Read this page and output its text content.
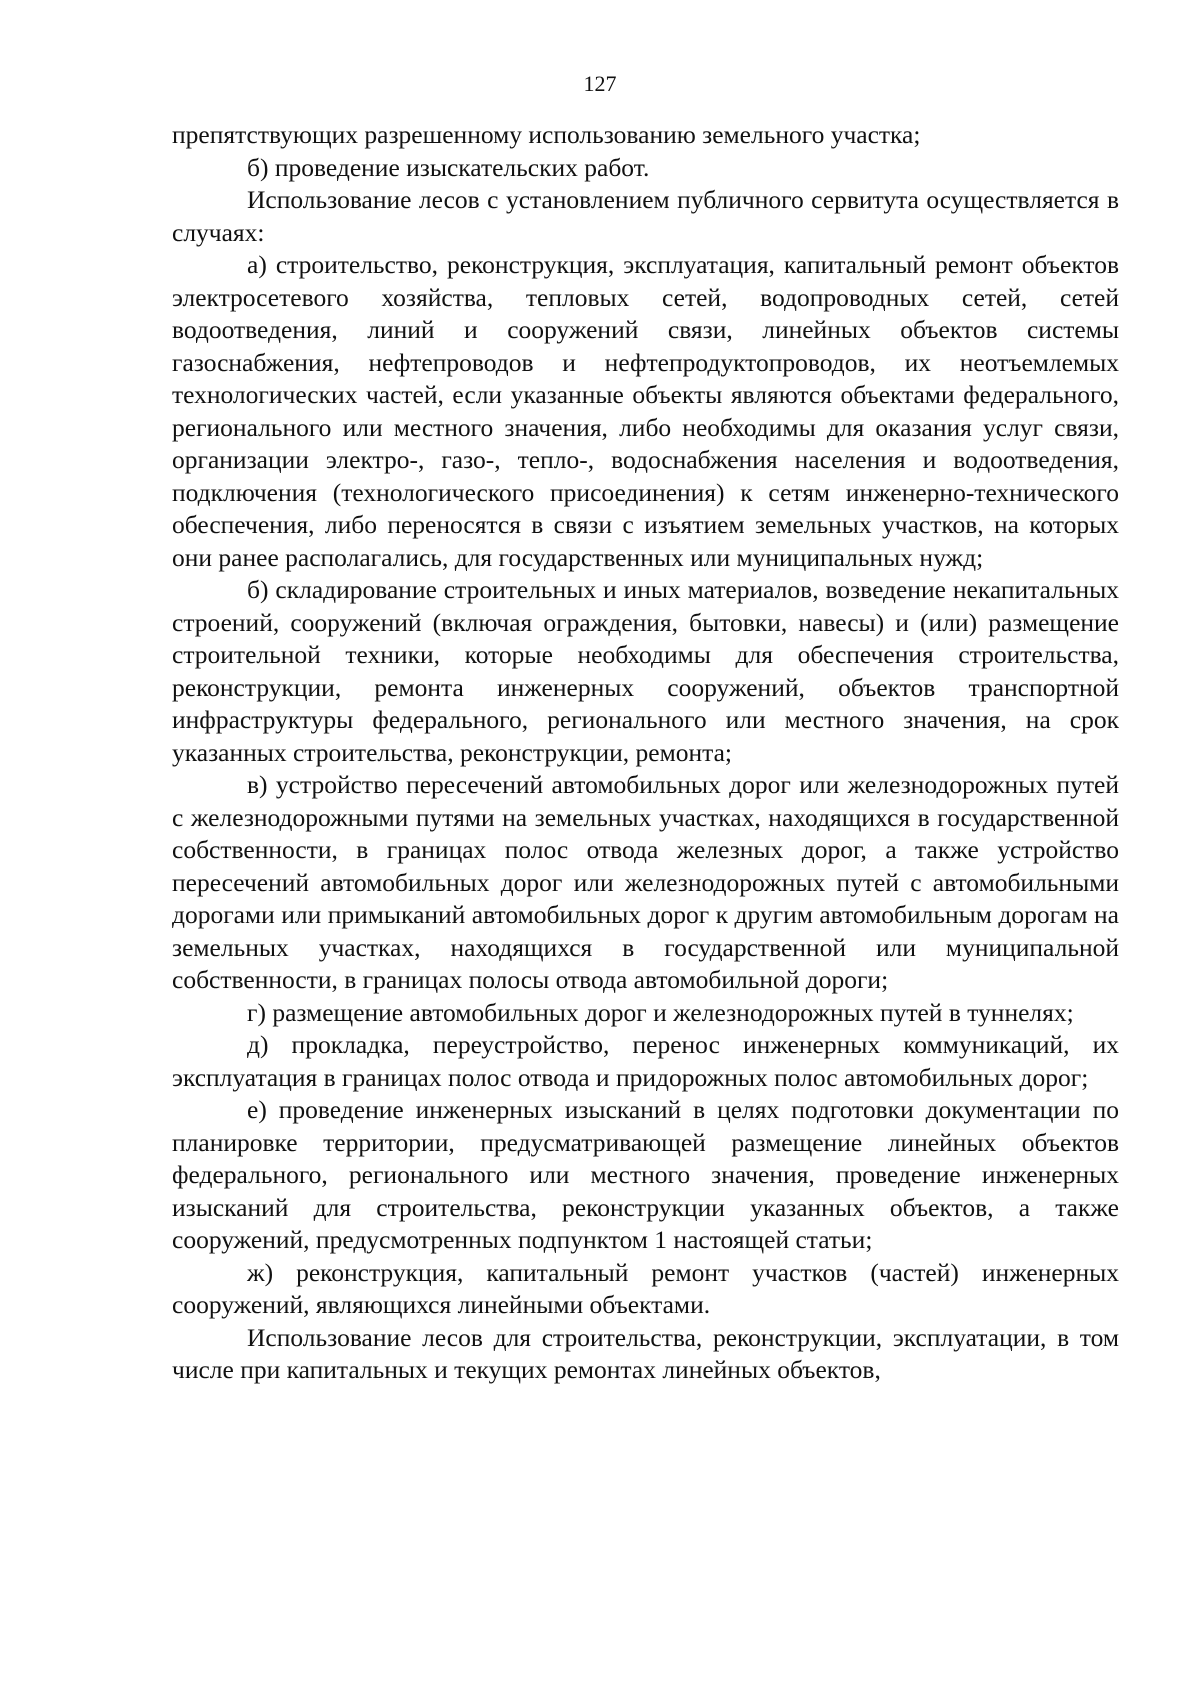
127

препятствующих разрешенному использованию земельного участка;

б) проведение изыскательских работ.

Использование лесов с установлением публичного сервитута осуществляется в случаях:

а) строительство, реконструкция, эксплуатация, капитальный ремонт объектов электросетевого хозяйства, тепловых сетей, водопроводных сетей, сетей водоотведения, линий и сооружений связи, линейных объектов системы газоснабжения, нефтепроводов и нефтепродуктопроводов, их неотъемлемых технологических частей, если указанные объекты являются объектами федерального, регионального или местного значения, либо необходимы для оказания услуг связи, организации электро-, газо-, тепло-, водоснабжения населения и водоотведения, подключения (технологического присоединения) к сетям инженерно-технического обеспечения, либо переносятся в связи с изъятием земельных участков, на которых они ранее располагались, для государственных или муниципальных нужд;

б) складирование строительных и иных материалов, возведение некапитальных строений, сооружений (включая ограждения, бытовки, навесы) и (или) размещение строительной техники, которые необходимы для обеспечения строительства, реконструкции, ремонта инженерных сооружений, объектов транспортной инфраструктуры федерального, регионального или местного значения, на срок указанных строительства, реконструкции, ремонта;

в) устройство пересечений автомобильных дорог или железнодорожных путей с железнодорожными путями на земельных участках, находящихся в государственной собственности, в границах полос отвода железных дорог, а также устройство пересечений автомобильных дорог или железнодорожных путей с автомобильными дорогами или примыканий автомобильных дорог к другим автомобильным дорогам на земельных участках, находящихся в государственной или муниципальной собственности, в границах полосы отвода автомобильной дороги;

г) размещение автомобильных дорог и железнодорожных путей в туннелях;

д) прокладка, переустройство, перенос инженерных коммуникаций, их эксплуатация в границах полос отвода и придорожных полос автомобильных дорог;

е) проведение инженерных изысканий в целях подготовки документации по планировке территории, предусматривающей размещение линейных объектов федерального, регионального или местного значения, проведение инженерных изысканий для строительства, реконструкции указанных объектов, а также сооружений, предусмотренных подпунктом 1 настоящей статьи;

ж) реконструкция, капитальный ремонт участков (частей) инженерных сооружений, являющихся линейными объектами.

Использование лесов для строительства, реконструкции, эксплуатации, в том числе при капитальных и текущих ремонтах линейных объектов,
